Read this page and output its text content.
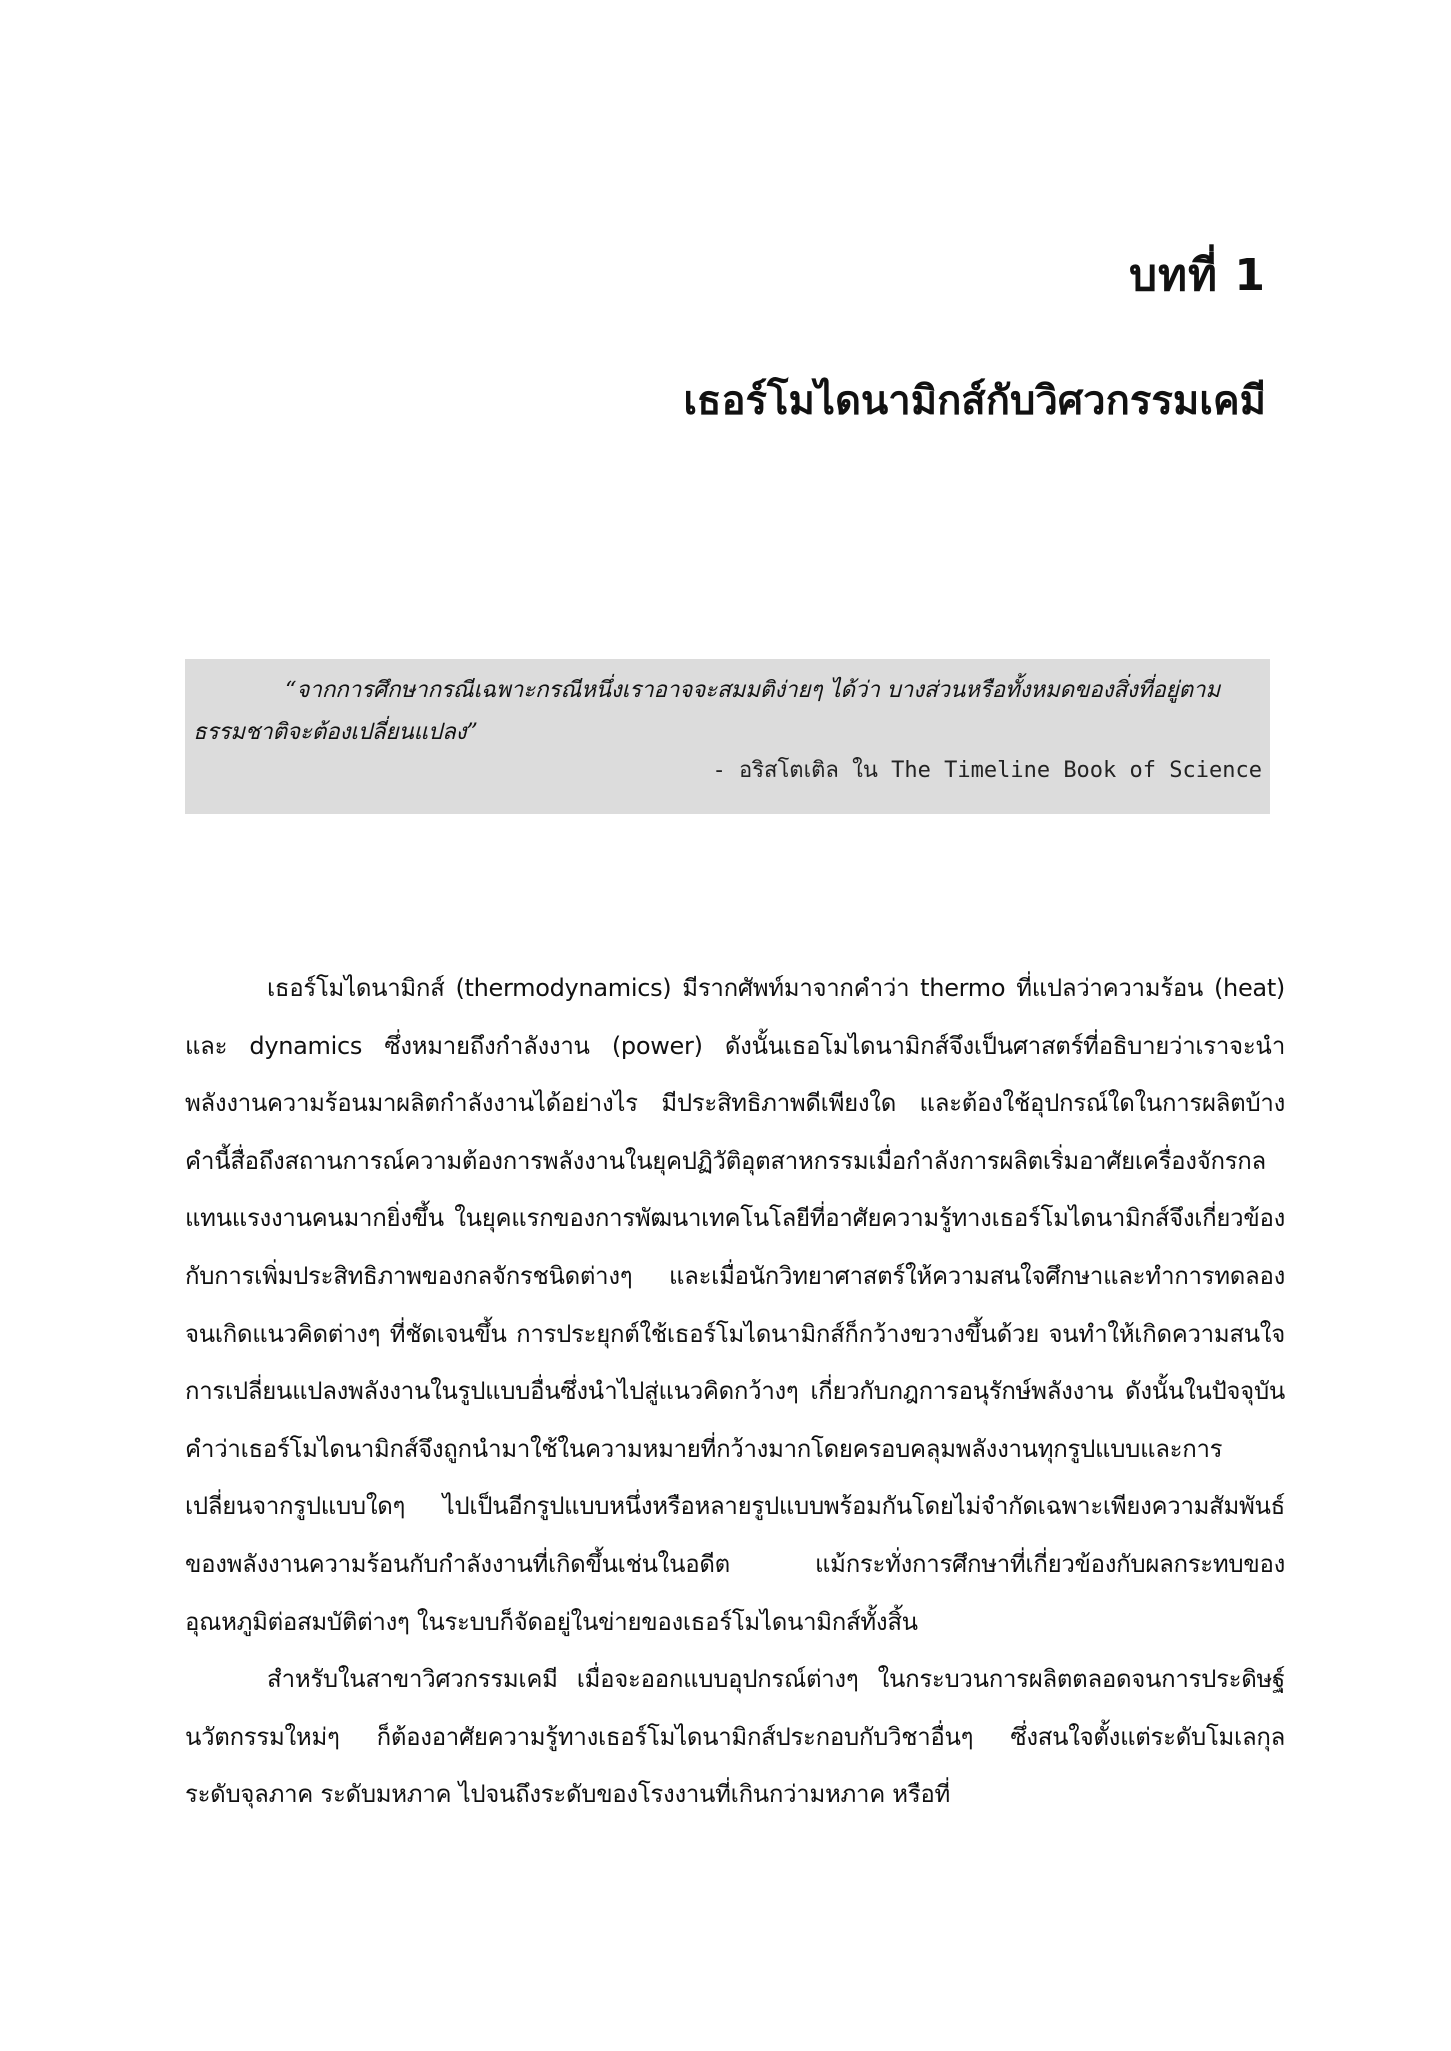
บทที่ 1
เธอร์โมไดนามิกส์กับวิศวกรรมเคมี

“จากการศึกษากรณีเฉพาะกรณีหนึ่งเราอาจจะสมมติง่ายๆ ได้ว่า บางส่วนหรือทั้งหมดของสิ่งที่อยู่ตามธรรมชาติจะต้องเปลี่ยนแปลง”

- อริสโตเติล ใน The Timeline Book of Science

เธอร์โมไดนามิกส์ (thermodynamics) มีรากศัพท์มาจากคำว่า thermo ที่แปลว่าความร้อน (heat) และ dynamics ซึ่งหมายถึงกำลังงาน (power) ดังนั้นเธอโมไดนามิกส์จึงเป็นศาสตร์ที่อธิบายว่าเราจะนำพลังงานความร้อนมาผลิตกำลังงานได้อย่างไร มีประสิทธิภาพดีเพียงใด และต้องใช้อุปกรณ์ใดในการผลิตบ้าง คำนี้สื่อถึงสถานการณ์ความต้องการพลังงานในยุคปฏิวัติอุตสาหกรรมเมื่อกำลังการผลิตเริ่มอาศัยเครื่องจักรกลแทนแรงงานคนมากยิ่งขึ้น ในยุคแรกของการพัฒนาเทคโนโลยีที่อาศัยความรู้ทางเธอร์โมไดนามิกส์จึงเกี่ยวข้องกับการเพิ่มประสิทธิภาพของกลจักรชนิดต่างๆ และเมื่อนักวิทยาศาสตร์ให้ความสนใจศึกษาและทำการทดลองจนเกิดแนวคิดต่างๆ ที่ชัดเจนขึ้น การประยุกต์ใช้เธอร์โมไดนามิกส์ก็กว้างขวางขึ้นด้วย จนทำให้เกิดความสนใจการเปลี่ยนแปลงพลังงานในรูปแบบอื่นซึ่งนำไปสู่แนวคิดกว้างๆ เกี่ยวกับกฎการอนุรักษ์พลังงาน ดังนั้นในปัจจุบันคำว่าเธอร์โมไดนามิกส์จึงถูกนำมาใช้ในความหมายที่กว้างมากโดยครอบคลุมพลังงานทุกรูปแบบและการเปลี่ยนจากรูปแบบใดๆ ไปเป็นอีกรูปแบบหนึ่งหรือหลายรูปแบบพร้อมกันโดยไม่จำกัดเฉพาะเพียงความสัมพันธ์ของพลังงานความร้อนกับกำลังงานที่เกิดขึ้นเช่นในอดีต แม้กระทั่งการศึกษาที่เกี่ยวข้องกับผลกระทบของอุณหภูมิต่อสมบัติต่างๆ ในระบบก็จัดอยู่ในข่ายของเธอร์โมไดนามิกส์ทั้งสิ้น

สำหรับในสาขาวิศวกรรมเคมี เมื่อจะออกแบบอุปกรณ์ต่างๆ ในกระบวนการผลิตตลอดจนการประดิษฐ์นวัตกรรมใหม่ๆ ก็ต้องอาศัยความรู้ทางเธอร์โมไดนามิกส์ประกอบกับวิชาอื่นๆ ซึ่งสนใจตั้งแต่ระดับโมเลกุล ระดับจุลภาค ระดับมหภาค ไปจนถึงระดับของโรงงานที่เกินกว่ามหภาค หรือที่
